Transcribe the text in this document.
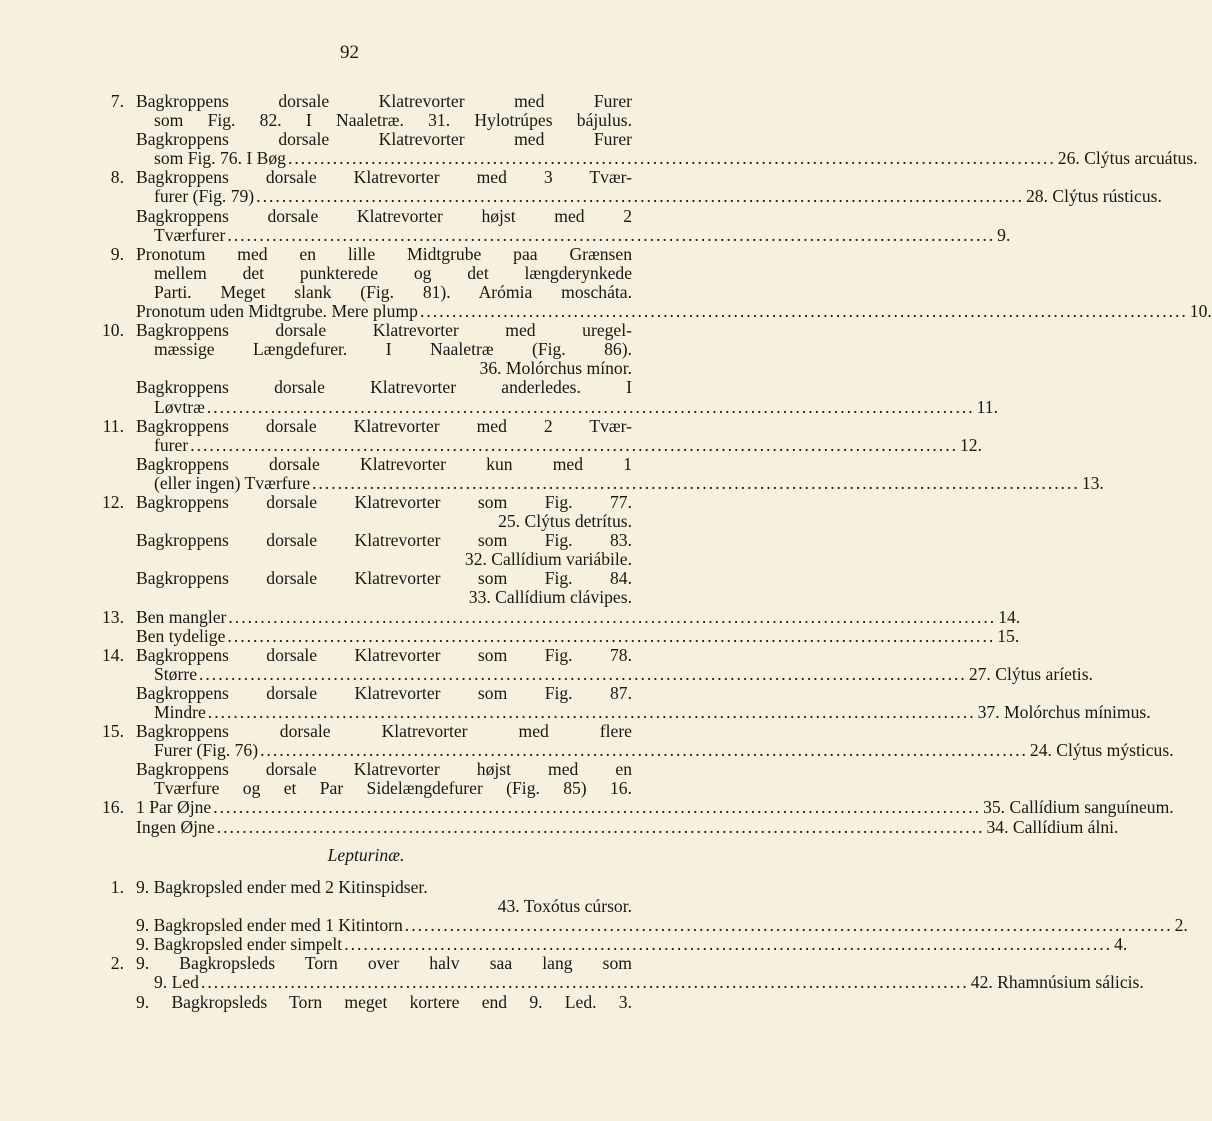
92
7. Bagkroppens dorsale Klatrevorter med Furer
som Fig. 82. I Naaletræ. 31. Hylotrúpes bájulus.
Bagkroppens dorsale Klatrevorter med Furer
som Fig. 76. I Bøg ........................................................................................................................ 26. Clýtus arcuátus.
8. Bagkroppens dorsale Klatrevorter med 3 Tvær-
furer (Fig. 79) ........................................................................................................................ 28. Clýtus rústicus.
Bagkroppens dorsale Klatrevorter højst med 2
Tværfurer ........................................................................................................................ 9.
9. Pronotum med en lille Midtgrube paa Grænsen
mellem det punkterede og det længderynkede
Parti. Meget slank (Fig. 81). Arómia moscháta.
Pronotum uden Midtgrube. Mere plump ........................................................................................................................ 10.
10. Bagkroppens dorsale Klatrevorter med uregel-
mæssige Længdefurer. I Naaletræ (Fig. 86).
36. Molórchus mínor.
Bagkroppens dorsale Klatrevorter anderledes. I
Løvtræ ........................................................................................................................ 11.
11. Bagkroppens dorsale Klatrevorter med 2 Tvær-
furer ........................................................................................................................ 12.
Bagkroppens dorsale Klatrevorter kun med 1
(eller ingen) Tværfure ........................................................................................................................ 13.
12. Bagkroppens dorsale Klatrevorter som Fig. 77.
25. Clýtus detrítus.
Bagkroppens dorsale Klatrevorter som Fig. 83.
32. Callídium variábile.
Bagkroppens dorsale Klatrevorter som Fig. 84.
33. Callídium clávipes.
13. Ben mangler ........................................................................................................................ 14.
Ben tydelige ........................................................................................................................ 15.
14. Bagkroppens dorsale Klatrevorter som Fig. 78.
Større ........................................................................................................................ 27. Clýtus aríetis.
Bagkroppens dorsale Klatrevorter som Fig. 87.
Mindre ........................................................................................................................ 37. Molórchus mínimus.
15. Bagkroppens dorsale Klatrevorter med flere
Furer (Fig. 76) ........................................................................................................................ 24. Clýtus mýsticus.
Bagkroppens dorsale Klatrevorter højst med en
Tværfure og et Par Sidelængdefurer (Fig. 85) 16.
16. 1 Par Øjne ........................................................................................................................ 35. Callídium sanguíneum.
Ingen Øjne ........................................................................................................................ 34. Callídium álni.
Lepturinæ.
1. 9. Bagkropsled ender med 2 Kitinspidser.
43. Toxótus cúrsor.
9. Bagkropsled ender med 1 Kitintorn ........................................................................................................................ 2.
9. Bagkropsled ender simpelt ........................................................................................................................ 4.
2. 9. Bagkropsleds Torn over halv saa lang som
9. Led ........................................................................................................................ 42. Rhamnúsium sálicis.
9. Bagkropsleds Torn meget kortere end 9. Led. 3.
